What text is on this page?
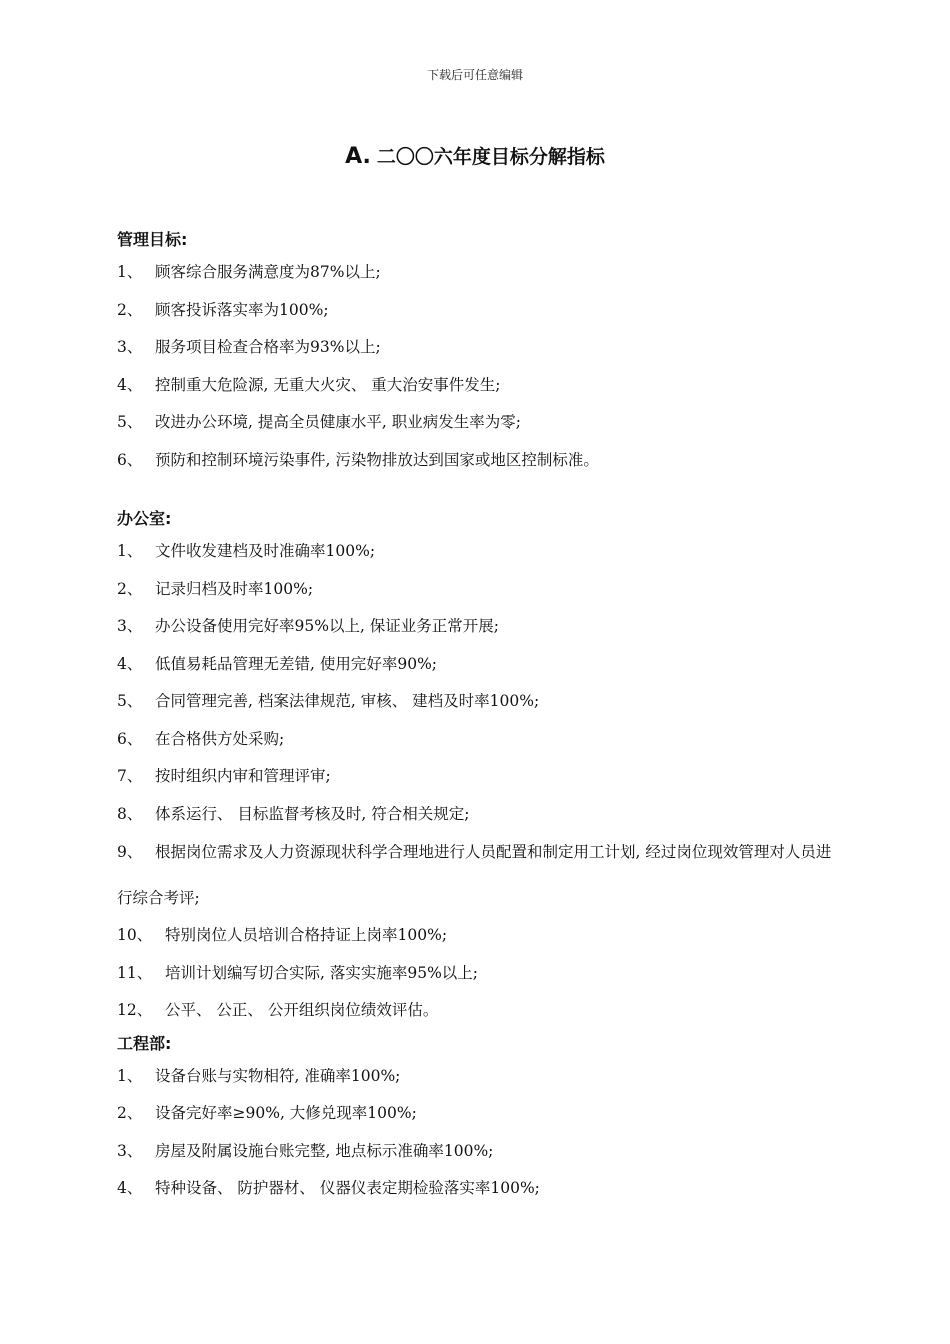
下载后可任意编辑
A. 二〇〇六年度目标分解指标
管理目标:
1、 顾客综合服务满意度为87%以上;
2、 顾客投诉落实率为100%;
3、 服务项目检查合格率为93%以上;
4、 控制重大危险源, 无重大火灾、 重大治安事件发生;
5、 改进办公环境, 提高全员健康水平, 职业病发生率为零;
6、 预防和控制环境污染事件, 污染物排放达到国家或地区控制标准。
办公室:
1、 文件收发建档及时准确率100%;
2、 记录归档及时率100%;
3、 办公设备使用完好率95%以上, 保证业务正常开展;
4、 低值易耗品管理无差错, 使用完好率90%;
5、 合同管理完善, 档案法律规范, 审核、 建档及时率100%;
6、 在合格供方处采购;
7、 按时组织内审和管理评审;
8、 体系运行、 目标监督考核及时, 符合相关规定;
9、 根据岗位需求及人力资源现状科学合理地进行人员配置和制定用工计划, 经过岗位现效管理对人员进行综合考评;
10、 特别岗位人员培训合格持证上岗率100%;
11、 培训计划编写切合实际, 落实实施率95%以上;
12、 公平、 公正、 公开组织岗位绩效评估。
工程部:
1、 设备台账与实物相符, 准确率100%;
2、 设备完好率≥90%, 大修兑现率100%;
3、 房屋及附属设施台账完整, 地点标示准确率100%;
4、 特种设备、 防护器材、 仪器仪表定期检验落实率100%;
